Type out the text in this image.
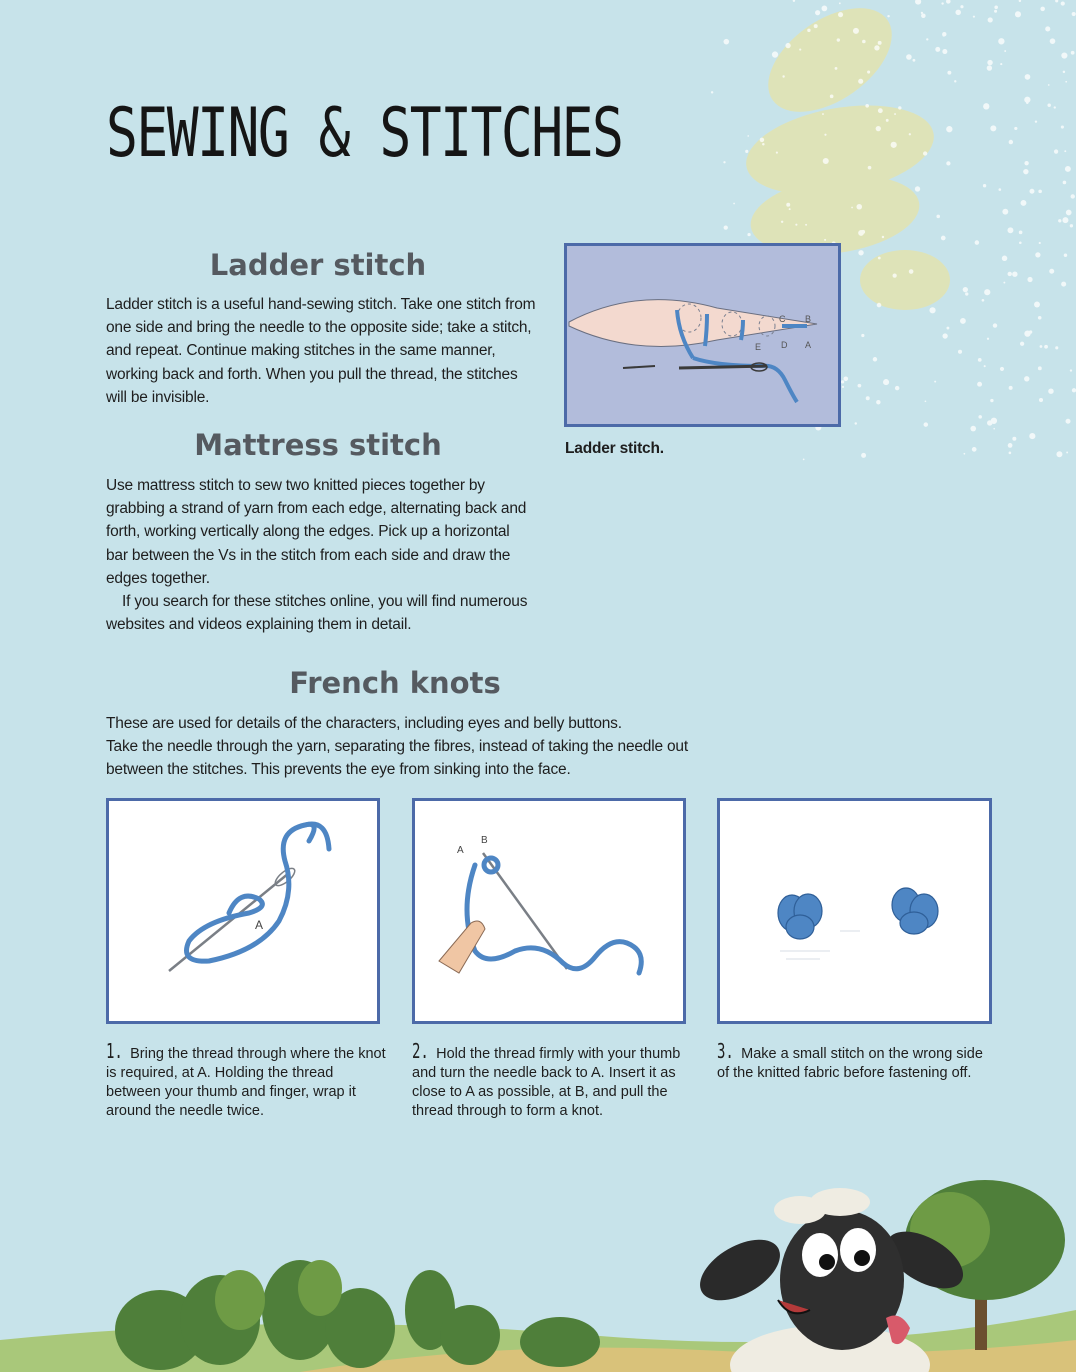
SEWING & STITCHES
Ladder stitch

Ladder stitch is a useful hand-sewing stitch. Take one stitch from one side and bring the needle to the opposite side; take a stitch, and repeat. Continue making stitches in the same manner, working back and forth. When you pull the thread, the stitches will be invisible.

C B
E D A
Ladder stitch.
Mattress stitch

Use mattress stitch to sew two knitted pieces together by grabbing a strand of yarn from each edge, alternating back and forth, working vertically along the edges. Pick up a horizontal bar between the Vs in the stitch from each side and draw the edges together.

If you search for these stitches online, you will find numerous websites and videos explaining them in detail.

French knots

These are used for details of the characters, including eyes and belly buttons.

Take the needle through the yarn, separating the fibres, instead of taking the needle out between the stitches. This prevents the eye from sinking into the face.

A
1. Bring the thread through where the knot is required, at A. Holding the thread between your thumb and finger, wrap it around the needle twice.
A
B
2. Hold the thread firmly with your thumb and turn the needle back to A. Insert it as close to A as possible, at B, and pull the thread through to form a knot.
3. Make a small stitch on the wrong side of the knitted fabric before fastening off.
